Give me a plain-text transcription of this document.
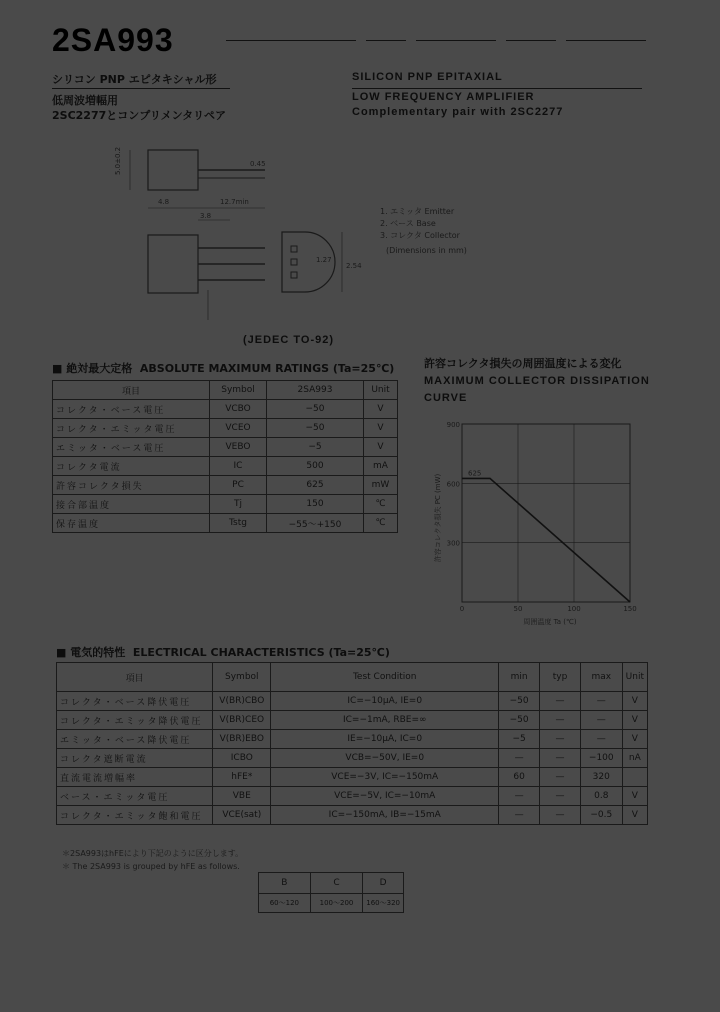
2SA993
シリコン PNP エピタキシャル形
低周波増幅用
2SC2277とコンプリメンタリペア
SILICON PNP EPITAXIAL
LOW FREQUENCY AMPLIFIER
Complementary pair with 2SC2277
5.0±0.2	0.45
12.7min
4.8
3.8
1.27
2.54
1. エミッタ Emitter
2. ベース Base
3. コレクタ Collector
(Dimensions in mm)
(JEDEC TO-92)
■ 絶対最大定格 ABSOLUTE MAXIMUM RATINGS (Ta=25℃)
項目	Symbol	2SA993	Unit
コレクタ・ベース電圧	VCBO	−50	V
コレクタ・エミッタ電圧	VCEO	−50	V
エミッタ・ベース電圧	VEBO	−5	V
コレクタ電流	IC	500	mA
許容コレクタ損失	PC	625	mW
接合部温度	Tj	150	℃
保存温度	Tstg	−55〜+150	℃
許容コレクタ損失の周囲温度による変化
MAXIMUM COLLECTOR DISSIPATION CURVE
0	50	100	150
300
600
900
625
周囲温度 Ta (℃)
許容コレクタ損失 PC (mW)
■ 電気的特性 ELECTRICAL CHARACTERISTICS (Ta=25℃)
項目	Symbol	Test Condition	min	typ	max	Unit
コレクタ・ベース降伏電圧	V(BR)CBO	IC=−10μA, IE=0	−50	—	—	V
コレクタ・エミッタ降伏電圧	V(BR)CEO	IC=−1mA, RBE=∞	−50	—	—	V
エミッタ・ベース降伏電圧	V(BR)EBO	IE=−10μA, IC=0	−5	—	—	V
コレクタ遮断電流	ICBO	VCB=−50V, IE=0	—	—	−100	nA
直流電流増幅率	hFE*	VCE=−3V, IC=−150mA	60	—	320	
ベース・エミッタ電圧	VBE	VCE=−5V, IC=−10mA	—	—	0.8	V
コレクタ・エミッタ飽和電圧	VCE(sat)	IC=−150mA, IB=−15mA	—	—	−0.5	V
＊2SA993はhFEにより下記のように区分します。
＊ The 2SA993 is grouped by hFE as follows.
B	C	D
60〜120	100〜200	160〜320
